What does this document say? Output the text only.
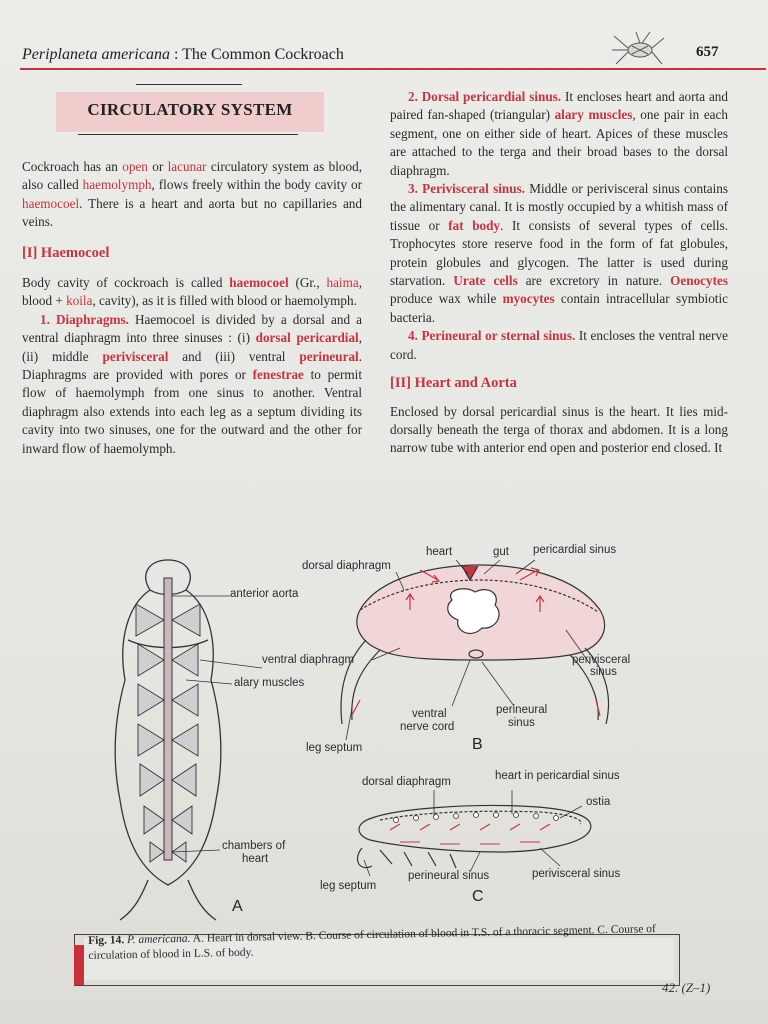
Periplaneta americana : The Common Cockroach	657
CIRCULATORY SYSTEM

Cockroach has an open or lacunar circulatory system as blood, also called haemolymph, flows freely within the body cavity or haemocoel. There is a heart and aorta but no capillaries and veins.

[I] Haemocoel

Body cavity of cockroach is called haemocoel (Gr., haima, blood + koila, cavity), as it is filled with blood or haemolymph.

1. Diaphragms. Haemocoel is divided by a dorsal and a ventral diaphragm into three sinuses : (i) dorsal pericardial, (ii) middle perivisceral and (iii) ventral perineural. Diaphragms are provided with pores or fenestrae to permit flow of haemolymph from one sinus to another. Ventral diaphragm also extends into each leg as a septum dividing its cavity into two sinuses, one for the outward and the other for inward flow of haemolymph.

2. Dorsal pericardial sinus. It encloses heart and aorta and paired fan-shaped (triangular) alary muscles, one pair in each segment, one on either side of heart. Apices of these muscles are attached to the terga and their broad bases to the dorsal diaphragm.

3. Perivisceral sinus. Middle or perivisceral sinus contains the alimentary canal. It is mostly occupied by a whitish mass of tissue or fat body. It consists of several types of cells. Trophocytes store reserve food in the form of fat globules, protein globules and glycogen. The latter is used during starvation. Urate cells are excretory in nature. Oenocytes produce wax while myocytes contain intracellular symbiotic bacteria.

4. Perineural or sternal sinus. It encloses the ventral nerve cord.

[II] Heart and Aorta

Enclosed by dorsal pericardial sinus is the heart. It lies mid-dorsally beneath the terga of thorax and abdomen. It is a long narrow tube with anterior end open and posterior end closed. It

anterior aorta
alary muscles
chambers of
heart
A
heart	gut pericardial sinus
dorsal diaphragm
ventral diaphragm	perivisceral
sinus
ventral
nerve cord
perineural
sinus
leg septum	B
dorsal diaphragm	heart in pericardial sinus
ostia
leg septum
perineural sinus	perivisceral sinus
C
Fig. 14. P. americana. A. Heart in dorsal view. B. Course of circulation of blood in T.S. of a thoracic segment. C. Course of circulation of blood in L.S. of body.
42. (Z–1)
